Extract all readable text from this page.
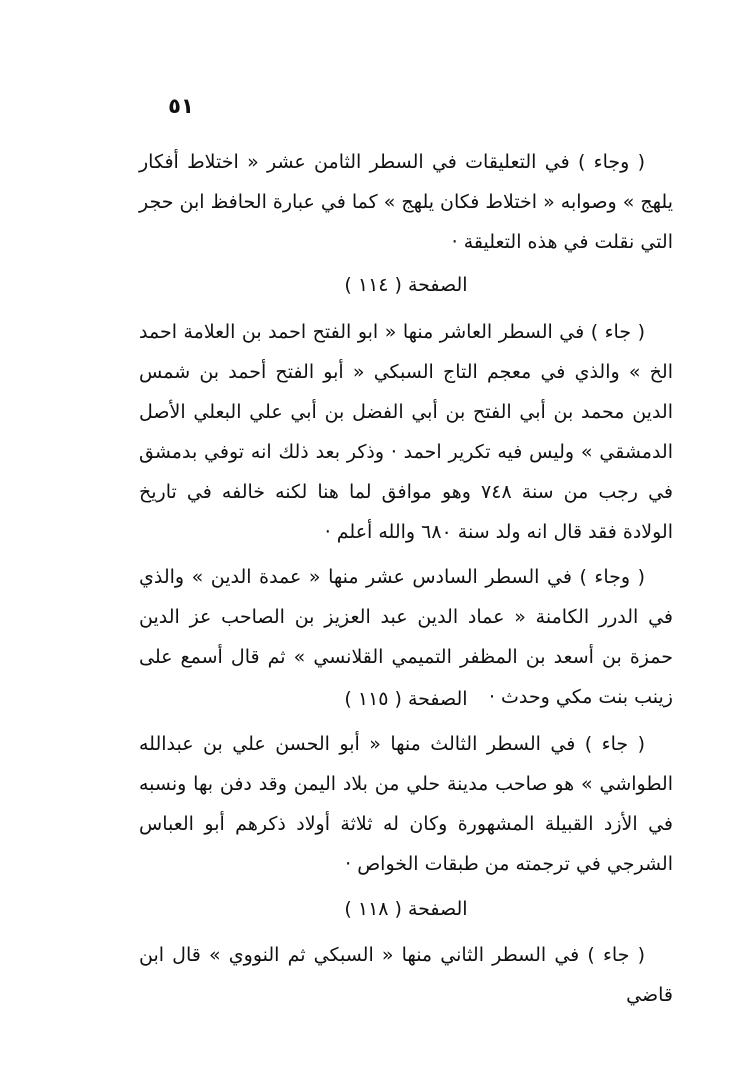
٥١

( وجاء ) في التعليقات في السطر الثامن عشر « اختلاط أفكار يلهج » وصوابه « اختلاط فكان يلهج » كما في عبارة الحافظ ابن حجر التي نقلت في هذه التعليقة ·

الصفحة ( ١١٤ )

( جاء ) في السطر العاشر منها « ابو الفتح احمد بن العلامة احمد الخ » والذي في معجم التاج السبكي « أبو الفتح أحمد بن شمس الدين محمد بن أبي الفتح بن أبي الفضل بن أبي علي البعلي الأصل الدمشقي » وليس فيه تكرير احمد · وذكر بعد ذلك انه توفي بدمشق في رجب من سنة ٧٤٨ وهو موافق لما هنا لكنه خالفه في تاريخ الولادة فقد قال انه ولد سنة ٦٨٠ والله أعلم ·

( وجاء ) في السطر السادس عشر منها « عمدة الدين » والذي في الدرر الكامنة « عماد الدين عبد العزيز بن الصاحب عز الدين حمزة بن أسعد بن المظفر التميمي القلانسي » ثم قال أسمع على زينب بنت مكي وحدث ·

الصفحة ( ١١٥ )

( جاء ) في السطر الثالث منها « أبو الحسن علي بن عبدالله الطواشي » هو صاحب مدينة حلي من بلاد اليمن وقد دفن بها ونسبه في الأزد القبيلة المشهورة وكان له ثلاثة أولاد ذكرهم أبو العباس الشرجي في ترجمته من طبقات الخواص ·

الصفحة ( ١١٨ )

( جاء ) في السطر الثاني منها « السبكي ثم النووي » قال ابن قاضي
